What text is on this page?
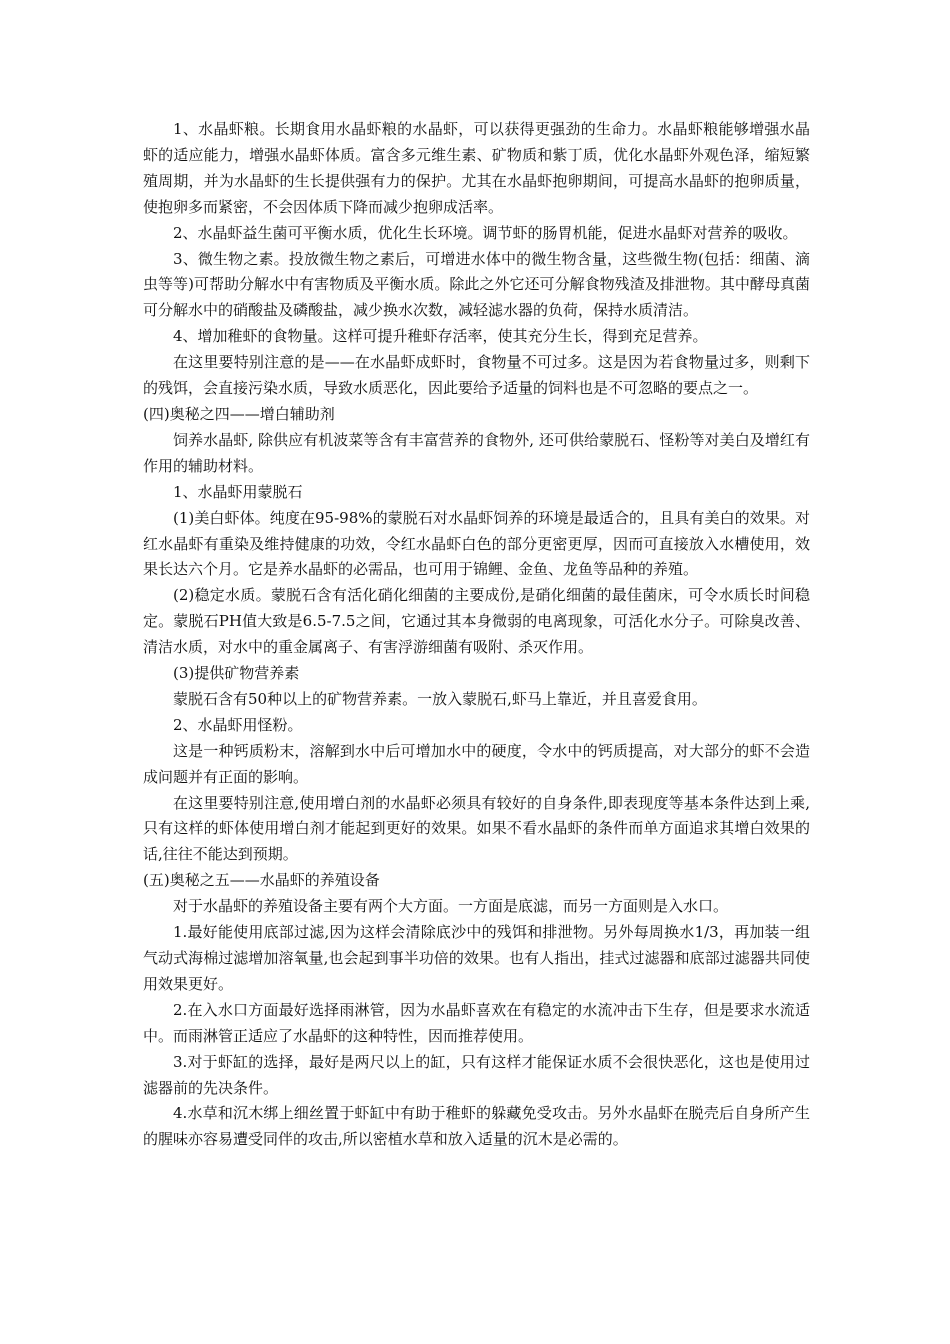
1、水晶虾粮。长期食用水晶虾粮的水晶虾，可以获得更强劲的生命力。水晶虾粮能够增强水晶虾的适应能力，增强水晶虾体质。富含多元维生素、矿物质和紫丁质，优化水晶虾外观色泽，缩短繁殖周期，并为水晶虾的生长提供强有力的保护。尤其在水晶虾抱卵期间，可提高水晶虾的抱卵质量，使抱卵多而紧密，不会因体质下降而减少抱卵成活率。

2、水晶虾益生菌可平衡水质，优化生长环境。调节虾的肠胃机能，促进水晶虾对营养的吸收。

3、微生物之素。投放微生物之素后，可增进水体中的微生物含量，这些微生物(包括：细菌、滴虫等等)可帮助分解水中有害物质及平衡水质。除此之外它还可分解食物残渣及排泄物。其中酵母真菌可分解水中的硝酸盐及磷酸盐，减少换水次数，减轻滤水器的负荷，保持水质清洁。

4、增加稚虾的食物量。这样可提升稚虾存活率，使其充分生长，得到充足营养。

在这里要特别注意的是——在水晶虾成虾时，食物量不可过多。这是因为若食物量过多，则剩下的残饵，会直接污染水质，导致水质恶化，因此要给予适量的饲料也是不可忽略的要点之一。

(四)奥秘之四——增白辅助剂

饲养水晶虾, 除供应有机波菜等含有丰富营养的食物外, 还可供给蒙脱石、怪粉等对美白及增红有作用的辅助材料。

1、水晶虾用蒙脱石

(1)美白虾体。纯度在95-98%的蒙脱石对水晶虾饲养的环境是最适合的，且具有美白的效果。对红水晶虾有重染及维持健康的功效，令红水晶虾白色的部分更密更厚，因而可直接放入水槽使用，效果长达六个月。它是养水晶虾的必需品，也可用于锦鲤、金鱼、龙鱼等品种的养殖。

(2)稳定水质。蒙脱石含有活化硝化细菌的主要成份,是硝化细菌的最佳菌床，可令水质长时间稳定。蒙脱石PH值大致是6.5-7.5之间，它通过其本身微弱的电离现象，可活化水分子。可除臭改善、清洁水质，对水中的重金属离子、有害浮游细菌有吸附、杀灭作用。

(3)提供矿物营养素

蒙脱石含有50种以上的矿物营养素。一放入蒙脱石,虾马上靠近，并且喜爱食用。

2、水晶虾用怪粉。

这是一种钙质粉末，溶解到水中后可增加水中的硬度，令水中的钙质提高，对大部分的虾不会造成问题并有正面的影响。

在这里要特别注意,使用增白剂的水晶虾必须具有较好的自身条件,即表现度等基本条件达到上乘,只有这样的虾体使用增白剂才能起到更好的效果。如果不看水晶虾的条件而单方面追求其增白效果的话,往往不能达到预期。

(五)奥秘之五——水晶虾的养殖设备

对于水晶虾的养殖设备主要有两个大方面。一方面是底滤，而另一方面则是入水口。

1.最好能使用底部过滤,因为这样会清除底沙中的残饵和排泄物。另外每周换水1/3，再加装一组气动式海棉过滤增加溶氧量,也会起到事半功倍的效果。也有人指出，挂式过滤器和底部过滤器共同使用效果更好。

2.在入水口方面最好选择雨淋管，因为水晶虾喜欢在有稳定的水流冲击下生存，但是要求水流适中。而雨淋管正适应了水晶虾的这种特性，因而推荐使用。

3.对于虾缸的选择，最好是两尺以上的缸，只有这样才能保证水质不会很快恶化，这也是使用过滤器前的先决条件。

4.水草和沉木绑上细丝置于虾缸中有助于稚虾的躲藏免受攻击。另外水晶虾在脱壳后自身所产生的腥味亦容易遭受同伴的攻击,所以密植水草和放入适量的沉木是必需的。
